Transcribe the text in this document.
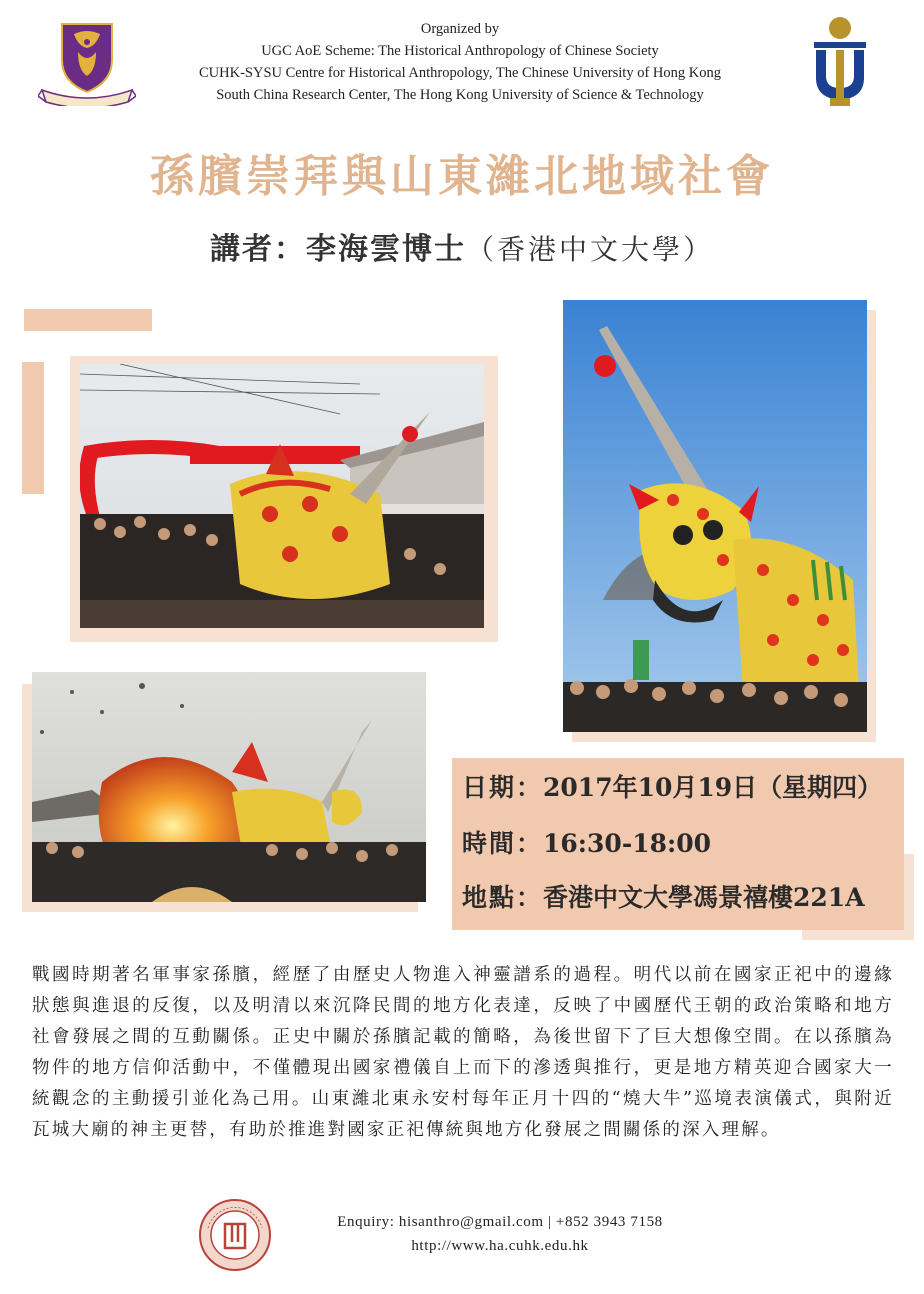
Organized by
UGC AoE Scheme: The Historical Anthropology of Chinese Society
CUHK-SYSU Centre for Historical Anthropology, The Chinese University of Hong Kong
South China Research Center, The Hong Kong University of Science & Technology
孫臏崇拜與山東濰北地域社會
講者：李海雲博士（香港中文大學）
日期：2017年10月19日（星期四）
時間：16:30-18:00
地點：香港中文大學馮景禧樓221A
戰國時期著名軍事家孫臏，經歷了由歷史人物進入神靈譜系的過程。明代以前在國家正祀中的邊緣狀態與進退的反復，以及明清以來沉降民間的地方化表達，反映了中國歷代王朝的政治策略和地方社會發展之間的互動關係。正史中關於孫臏記載的簡略，為後世留下了巨大想像空間。在以孫臏為物件的地方信仰活動中，不僅體現出國家禮儀自上而下的滲透與推行，更是地方精英迎合國家大一統觀念的主動援引並化為己用。山東濰北東永安村每年正月十四的“燒大牛”巡境表演儀式，與附近瓦城大廟的神主更替，有助於推進對國家正祀傳統與地方化發展之間關係的深入理解。
Enquiry: hisanthro@gmail.com | +852 3943 7158
http://www.ha.cuhk.edu.hk
